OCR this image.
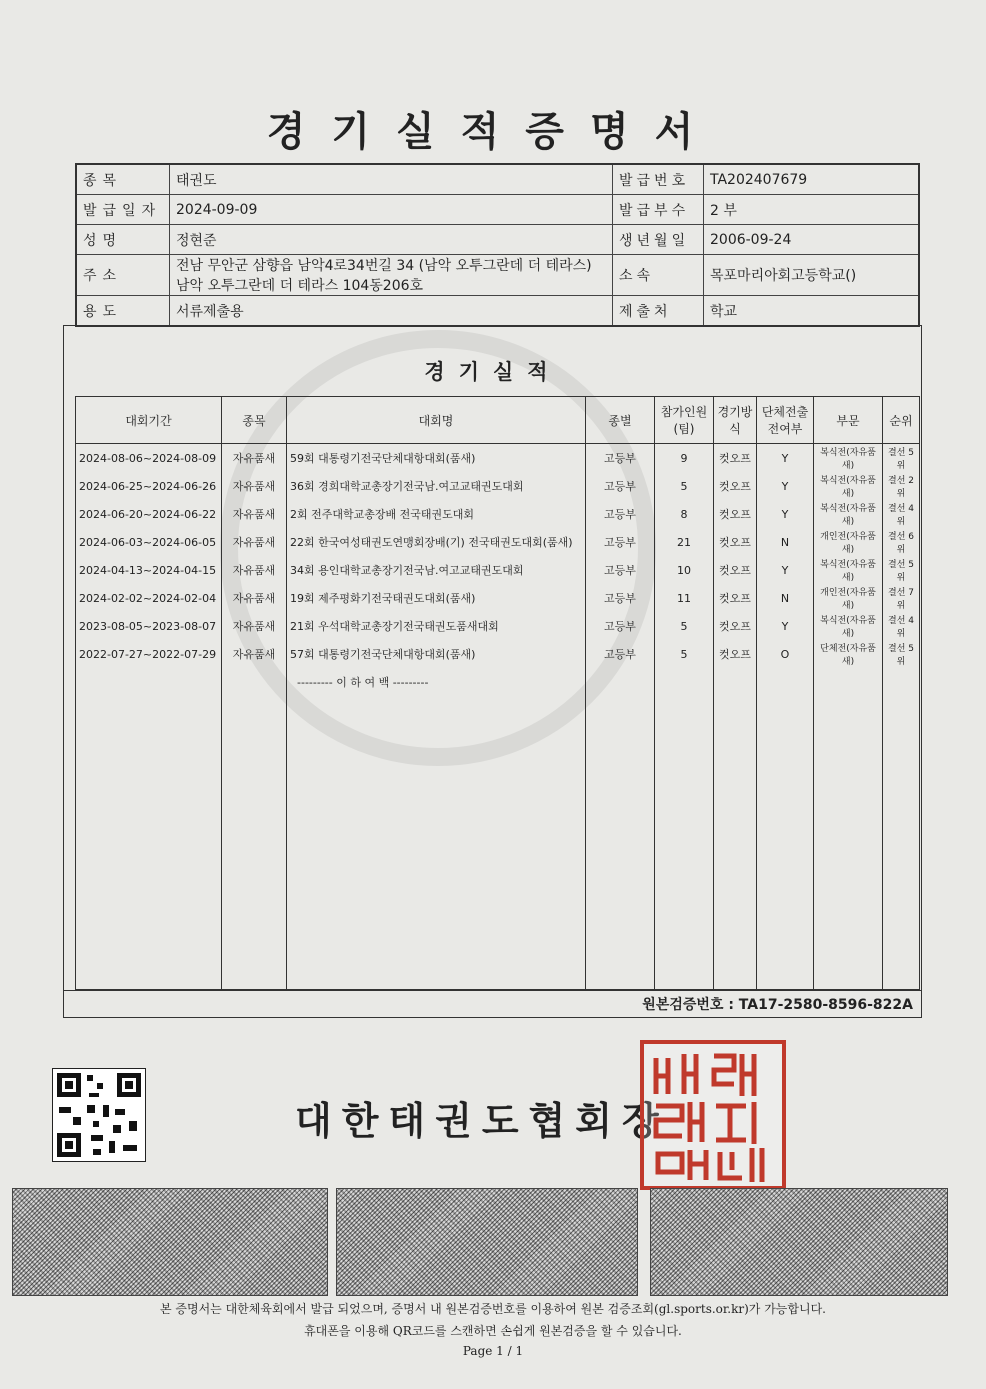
경기실적증명서
종목	태권도	발급번호	TA202407679
발급일자	2024-09-09	발급부수	2 부
성명	정현준	생년월일	2006-09-24
주소	전남 무안군 삼향읍 남악4로34번길 34 (남악 오투그란데 더 테라스) 남악 오투그란데 더 테라스 104동206호	소속	목포마리아회고등학교()
용도	서류제출용	제출처	학교
경기실적
대회기간	종목	대회명	종별	참가인원(팀)	경기방식	단체전출전여부	부문	순위
2024-08-06~2024-08-09	자유품새	59회 대통령기전국단체대항대회(품새)	고등부	9	컷오프	Y	복식전(자유품새)	결선 5위
2024-06-25~2024-06-26	자유품새	36회 경희대학교총장기전국남.여고교태권도대회	고등부	5	컷오프	Y	복식전(자유품새)	결선 2위
2024-06-20~2024-06-22	자유품새	2회 전주대학교총장배 전국태권도대회	고등부	8	컷오프	Y	복식전(자유품새)	결선 4위
2024-06-03~2024-06-05	자유품새	22회 한국여성태권도연맹회장배(기) 전국태권도대회(품새)	고등부	21	컷오프	N	개인전(자유품새)	결선 6위
2024-04-13~2024-04-15	자유품새	34회 용인대학교총장기전국남.여고교태권도대회	고등부	10	컷오프	Y	복식전(자유품새)	결선 5위
2024-02-02~2024-02-04	자유품새	19회 제주평화기전국태권도대회(품새)	고등부	11	컷오프	N	개인전(자유품새)	결선 7위
2023-08-05~2023-08-07	자유품새	21회 우석대학교총장기전국태권도품새대회	고등부	5	컷오프	Y	복식전(자유품새)	결선 4위
2022-07-27~2022-07-29	자유품새	57회 대통령기전국단체대항대회(품새)	고등부	5	컷오프	O	단체전(자유품새)	결선 5위
		--------- 이 하 여 백 ---------						

원본검증번호 : TA17-2580-8596-822A
대한태권도협회장
본 증명서는 대한체육회에서 발급 되었으며, 증명서 내 원본검증번호를 이용하여 원본 검증조회(gl.sports.or.kr)가 가능합니다.
휴대폰을 이용해 QR코드를 스캔하면 손쉽게 원본검증을 할 수 있습니다.
Page 1 / 1
